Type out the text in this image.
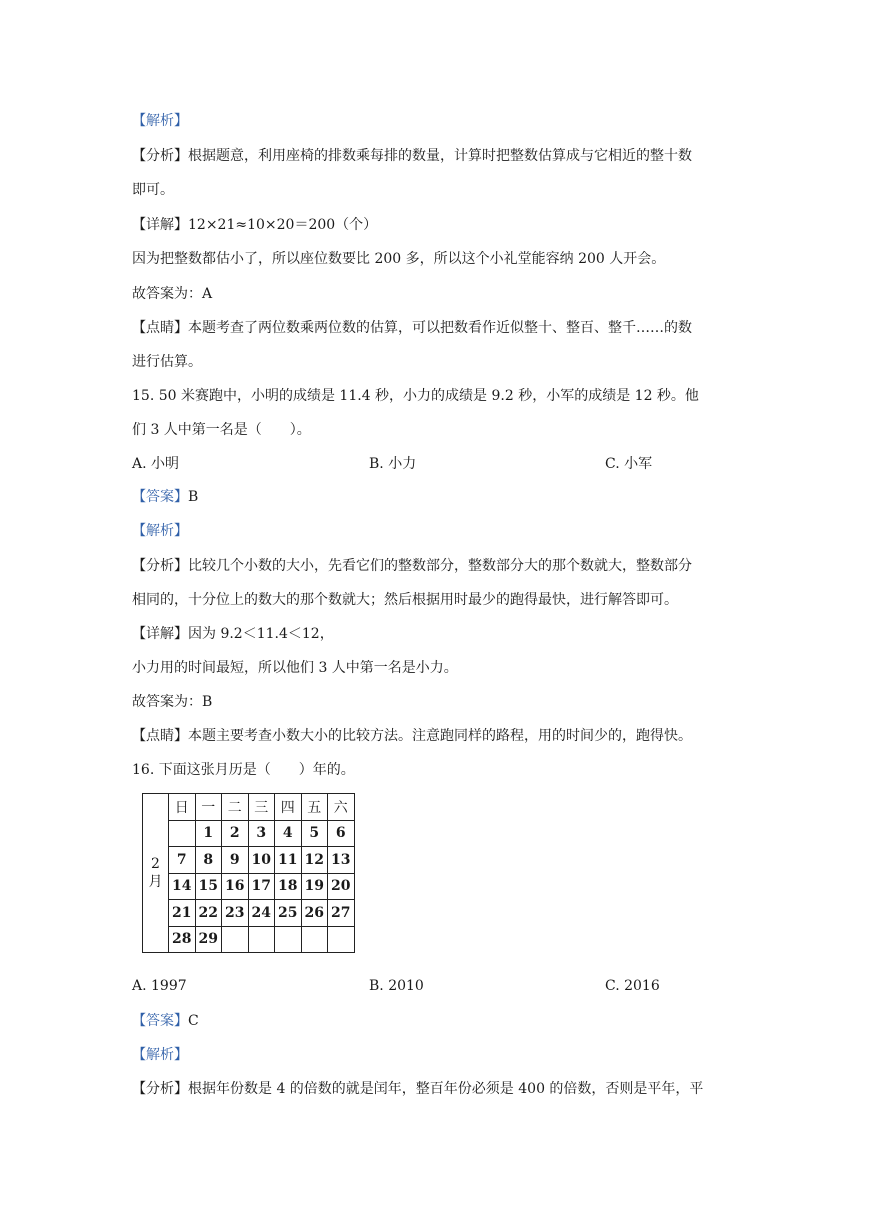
【解析】
【分析】根据题意，利用座椅的排数乘每排的数量，计算时把整数估算成与它相近的整十数
即可。
【详解】12×21≈10×20＝200（个）
因为把整数都估小了，所以座位数要比 200 多，所以这个小礼堂能容纳 200 人开会。
故答案为：A
【点睛】本题考查了两位数乘两位数的估算，可以把数看作近似整十、整百、整千……的数
进行估算。
15. 50 米赛跑中，小明的成绩是 11.4 秒，小力的成绩是 9.2 秒，小军的成绩是 12 秒。他
们 3 人中第一名是（　　）。
A. 小明	B. 小力	C. 小军
【答案】B
【解析】
【分析】比较几个小数的大小，先看它们的整数部分，整数部分大的那个数就大，整数部分
相同的，十分位上的数大的那个数就大；然后根据用时最少的跑得最快，进行解答即可。
【详解】因为 9.2＜11.4＜12，
小力用的时间最短，所以他们 3 人中第一名是小力。
故答案为：B
【点睛】本题主要考查小数大小的比较方法。注意跑同样的路程，用的时间少的，跑得快。
16. 下面这张月历是（　　）年的。
2
月	日	一	二	三	四	五	六
		1	2	3	4	5	6
	7	8	9	10	11	12	13
	14	15	16	17	18	19	20
	21	22	23	24	25	26	27
	28	29					
A. 1997	B. 2010	C. 2016
【答案】C
【解析】
【分析】根据年份数是 4 的倍数的就是闰年，整百年份必须是 400 的倍数，否则是平年，平
